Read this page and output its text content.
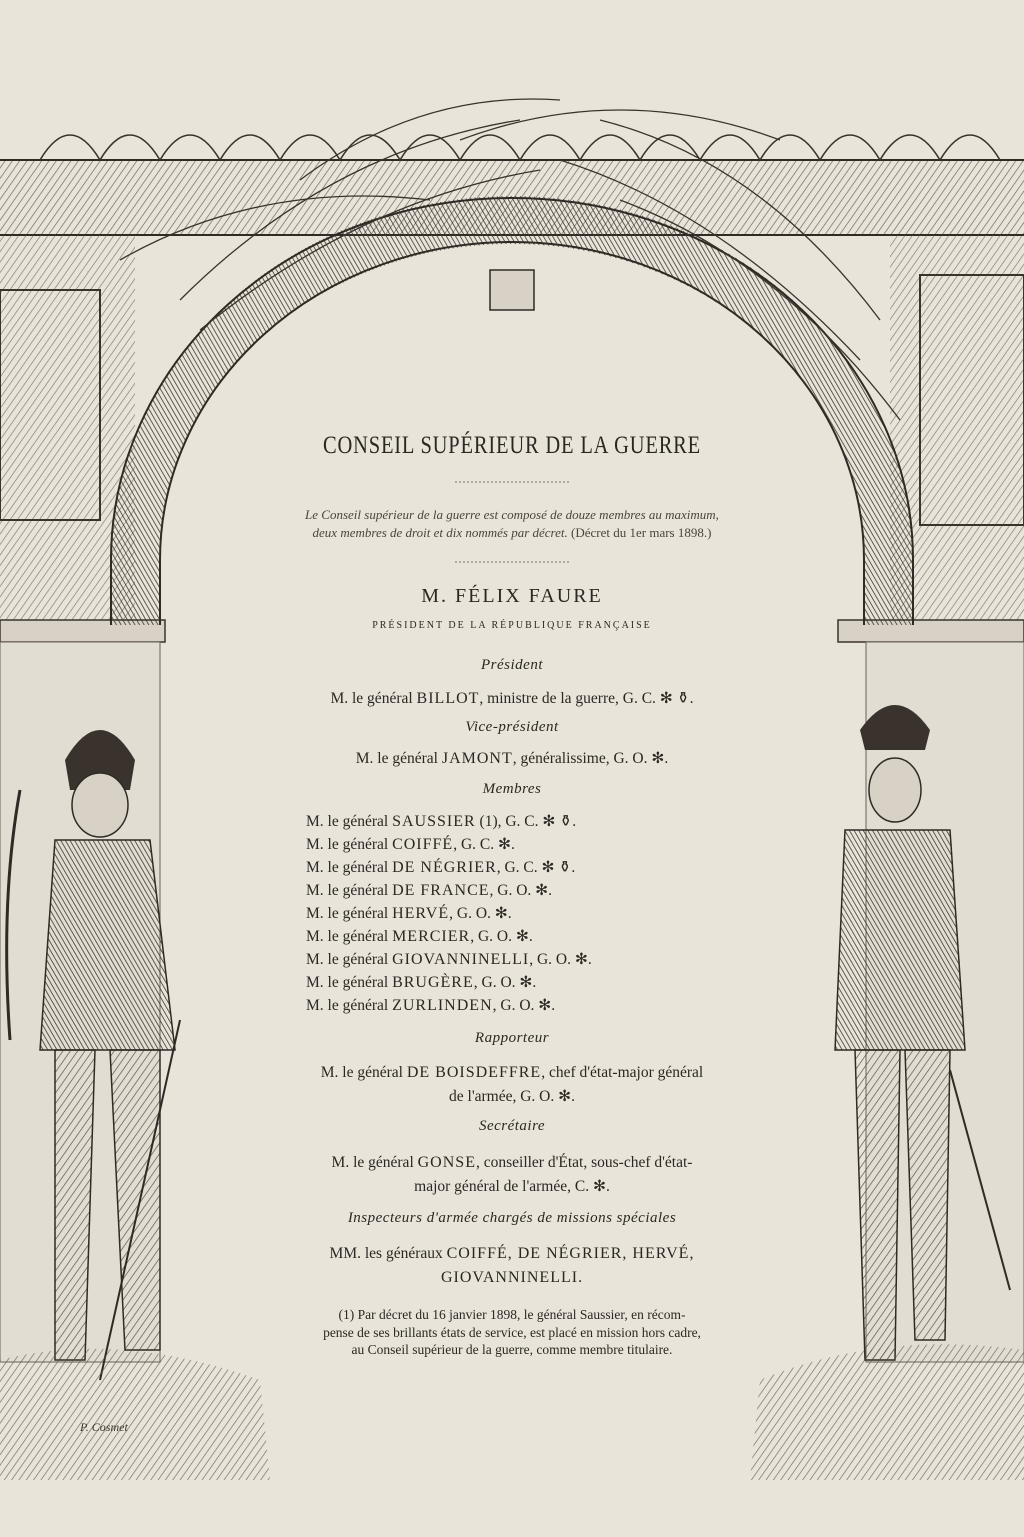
CONSEIL SUPÉRIEUR DE LA GUERRE

Le Conseil supérieur de la guerre est composé de douze membres au maximum,
deux membres de droit et dix nommés par décret. (Décret du 1er mars 1898.)

M. FÉLIX FAURE

PRÉSIDENT DE LA RÉPUBLIQUE FRANÇAISE

Président

M. le général BILLOT, ministre de la guerre, G. C. ✻ ⚱.

Vice-président

M. le général JAMONT, généralissime, G. O. ✻.

Membres

M. le général SAUSSIER (1), G. C. ✻ ⚱.

M. le général COIFFÉ, G. C. ✻.

M. le général DE NÉGRIER, G. C. ✻ ⚱.

M. le général DE FRANCE, G. O. ✻.

M. le général HERVÉ, G. O. ✻.

M. le général MERCIER, G. O. ✻.

M. le général GIOVANNINELLI, G. O. ✻.

M. le général BRUGÈRE, G. O. ✻.

M. le général ZURLINDEN, G. O. ✻.

Rapporteur

M. le général DE BOISDEFFRE, chef d'état-major général
de l'armée, G. O. ✻.

Secrétaire

M. le général GONSE, conseiller d'État, sous-chef d'état-
major général de l'armée, C. ✻.

Inspecteurs d'armée chargés de missions spéciales

MM. les généraux COIFFÉ, DE NÉGRIER, HERVÉ,
GIOVANNINELLI.

(1) Par décret du 16 janvier 1898, le général Saussier, en récom-
pense de ses brillants états de service, est placé en mission hors cadre,
au Conseil supérieur de la guerre, comme membre titulaire.

P. Cosmet
